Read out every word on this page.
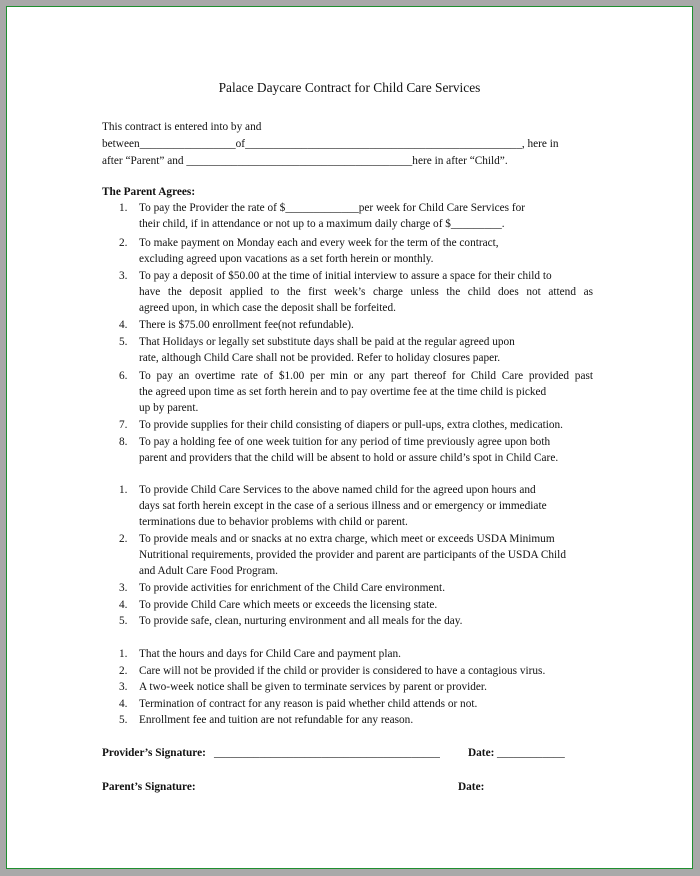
Palace Daycare Contract for Child Care Services
This contract is entered into by and
between_________________of_________________________________________________, here in
after “Parent” and ________________________________________here in after “Child”.
The Parent Agrees:
1. To pay the Provider the rate of $_____________per week for Child Care Services for
their child, if in attendance or not up to a maximum daily charge of $_________.
2. To make payment on Monday each and every week for the term of the contract,
excluding agreed upon vacations as a set forth herein or monthly.
3. To pay a deposit of $50.00 at the time of initial interview to assure a space for their child to
have the deposit applied to the first week’s charge unless the child does not attend as
agreed upon, in which case the deposit shall be forfeited.
4. There is $75.00 enrollment fee(not refundable).
5. That Holidays or legally set substitute days shall be paid at the regular agreed upon
rate, although Child Care shall not be provided. Refer to holiday closures paper.
6. To pay an overtime rate of $1.00 per min or any part thereof for Child Care provided past
the agreed upon time as set forth herein and to pay overtime fee at the time child is picked
up by parent.
7. To provide supplies for their child consisting of diapers or pull-ups, extra clothes, medication.
8. To pay a holding fee of one week tuition for any period of time previously agree upon both
parent and providers that the child will be absent to hold or assure child’s spot in Child Care.
1. To provide Child Care Services to the above named child for the agreed upon hours and
days sat forth herein except in the case of a serious illness and or emergency or immediate
terminations due to behavior problems with child or parent.
2. To provide meals and or snacks at no extra charge, which meet or exceeds USDA Minimum
Nutritional requirements, provided the provider and parent are participants of the USDA Child
and Adult Care Food Program.
3. To provide activities for enrichment of the Child Care environment.
4. To provide Child Care which meets or exceeds the licensing state.
5. To provide safe, clean, nurturing environment and all meals for the day.
1. That the hours and days for Child Care and payment plan.
2. Care will not be provided if the child or provider is considered to have a contagious virus.
3. A two-week notice shall be given to terminate services by parent or provider.
4. Termination of contract for any reason is paid whether child attends or not.
5. Enrollment fee and tuition are not refundable for any reason.
Provider’s Signature: ________________________________________ Date: ____________
Parent’s Signature:	Date:
